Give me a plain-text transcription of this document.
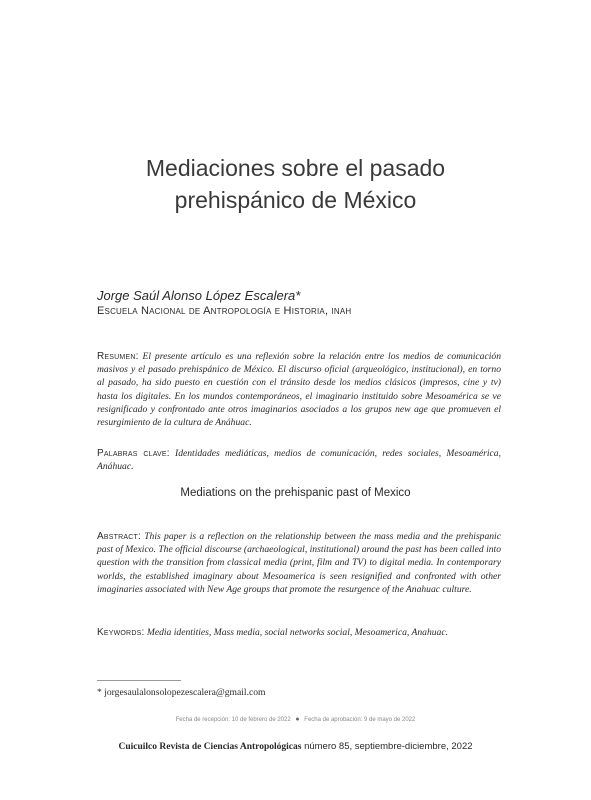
Mediaciones sobre el pasado
prehispánico de México
Jorge Saúl Alonso López Escalera*
Escuela Nacional de Antropología e Historia, inah

Resumen: El presente artículo es una reflexión sobre la relación entre los medios de comunicación masivos y el pasado prehispánico de México. El discurso oficial (arqueológico, institucional), en torno al pasado, ha sido puesto en cuestión con el tránsito desde los medios clásicos (impresos, cine y tv) hasta los digitales. En los mundos contemporáneos, el imaginario instituido sobre Mesoamérica se ve resignificado y confrontado ante otros imaginarios asociados a los grupos new age que promueven el resurgimiento de la cultura de Anáhuac.

Palabras clave: Identidades mediáticas, medios de comunicación, redes sociales, Mesoamérica, Anáhuac.

Mediations on the prehispanic past of Mexico

Abstract: This paper is a reflection on the relationship between the mass media and the prehispanic past of Mexico. The official discourse (archaeological, institutional) around the past has been called into question with the transition from classical media (print, film and TV) to digital media. In contemporary worlds, the established imaginary about Mesoamerica is seen resignified and confronted with other imaginaries associated with New Age groups that promote the resurgence of the Anahuac culture.

Keywords: Media identities, Mass media, social networks social, Mesoamerica, Anahuac.

* jorgesaulalonsolopezescalera@gmail.com
Fecha de recepción: 10 de febrero de 2022 ● Fecha de aprobación: 9 de mayo de 2022
Cuicuilco Revista de Ciencias Antropológicas número 85, septiembre-diciembre, 2022
